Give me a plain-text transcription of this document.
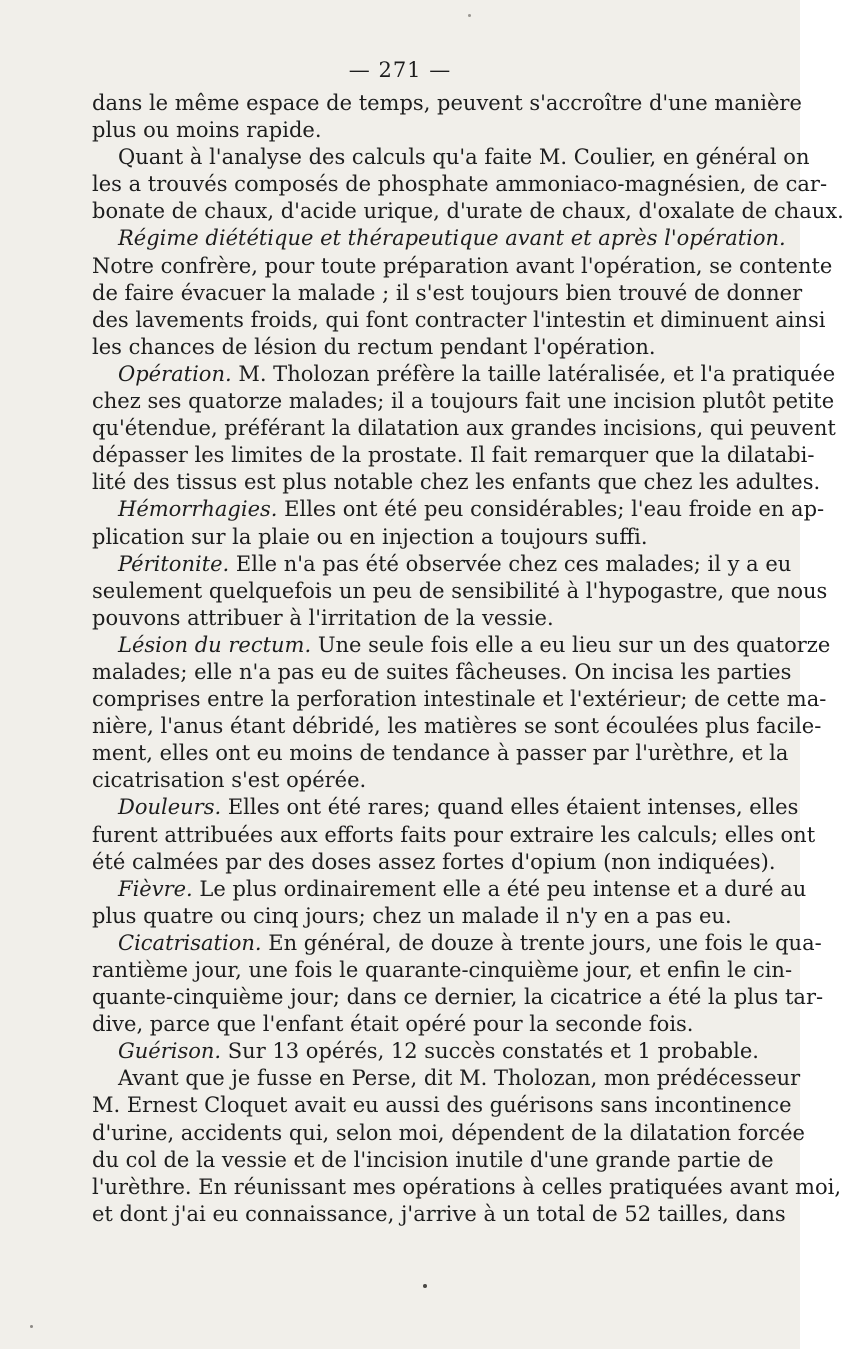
— 271 —
dans le même espace de temps, peuvent s'accroître d'une manière
plus ou moins rapide.
Quant à l'analyse des calculs qu'a faite M. Coulier, en général on
les a trouvés composés de phosphate ammoniaco-magnésien, de car-
bonate de chaux, d'acide urique, d'urate de chaux, d'oxalate de chaux.
Régime diététique et thérapeutique avant et après l'opération.
Notre confrère, pour toute préparation avant l'opération, se contente
de faire évacuer la malade ; il s'est toujours bien trouvé de donner
des lavements froids, qui font contracter l'intestin et diminuent ainsi
les chances de lésion du rectum pendant l'opération.
Opération. M. Tholozan préfère la taille latéralisée, et l'a pratiquée
chez ses quatorze malades; il a toujours fait une incision plutôt petite
qu'étendue, préférant la dilatation aux grandes incisions, qui peuvent
dépasser les limites de la prostate. Il fait remarquer que la dilatabi-
lité des tissus est plus notable chez les enfants que chez les adultes.
Hémorrhagies. Elles ont été peu considérables; l'eau froide en ap-
plication sur la plaie ou en injection a toujours suffi.
Péritonite. Elle n'a pas été observée chez ces malades; il y a eu
seulement quelquefois un peu de sensibilité à l'hypogastre, que nous
pouvons attribuer à l'irritation de la vessie.
Lésion du rectum. Une seule fois elle a eu lieu sur un des quatorze
malades; elle n'a pas eu de suites fâcheuses. On incisa les parties
comprises entre la perforation intestinale et l'extérieur; de cette ma-
nière, l'anus étant débridé, les matières se sont écoulées plus facile-
ment, elles ont eu moins de tendance à passer par l'urèthre, et la
cicatrisation s'est opérée.
Douleurs. Elles ont été rares; quand elles étaient intenses, elles
furent attribuées aux efforts faits pour extraire les calculs; elles ont
été calmées par des doses assez fortes d'opium (non indiquées).
Fièvre. Le plus ordinairement elle a été peu intense et a duré au
plus quatre ou cinq jours; chez un malade il n'y en a pas eu.
Cicatrisation. En général, de douze à trente jours, une fois le qua-
rantième jour, une fois le quarante-cinquième jour, et enfin le cin-
quante-cinquième jour; dans ce dernier, la cicatrice a été la plus tar-
dive, parce que l'enfant était opéré pour la seconde fois.
Guérison. Sur 13 opérés, 12 succès constatés et 1 probable.
Avant que je fusse en Perse, dit M. Tholozan, mon prédécesseur
M. Ernest Cloquet avait eu aussi des guérisons sans incontinence
d'urine, accidents qui, selon moi, dépendent de la dilatation forcée
du col de la vessie et de l'incision inutile d'une grande partie de
l'urèthre. En réunissant mes opérations à celles pratiquées avant moi,
et dont j'ai eu connaissance, j'arrive à un total de 52 tailles, dans
